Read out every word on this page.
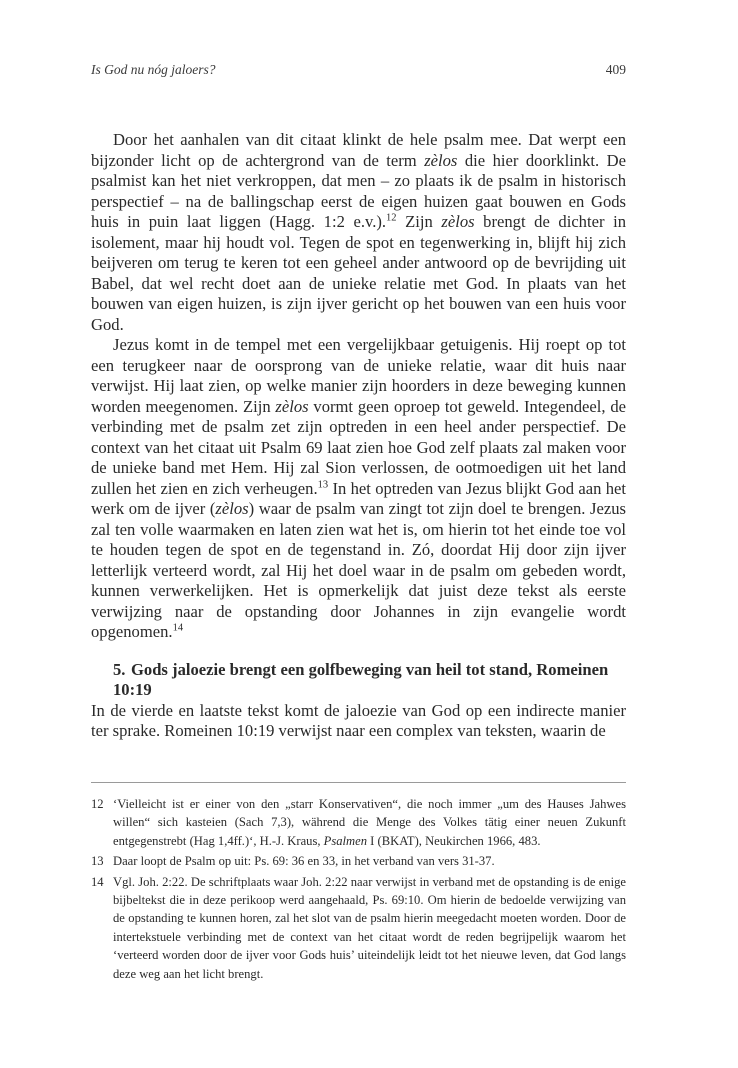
Is God nu nóg jaloers?	409

Door het aanhalen van dit citaat klinkt de hele psalm mee. Dat werpt een bijzonder licht op de achtergrond van de term zèlos die hier doorklinkt. De psalmist kan het niet verkroppen, dat men – zo plaats ik de psalm in historisch perspectief – na de ballingschap eerst de eigen huizen gaat bouwen en Gods huis in puin laat liggen (Hagg. 1:2 e.v.).$^{12}$ Zijn zèlos brengt de dichter in isolement, maar hij houdt vol. Tegen de spot en tegenwerking in, blijft hij zich beijveren om terug te keren tot een geheel ander antwoord op de bevrijding uit Babel, dat wel recht doet aan de unieke relatie met God. In plaats van het bouwen van eigen huizen, is zijn ijver gericht op het bouwen van een huis voor God.

Jezus komt in de tempel met een vergelijkbaar getuigenis. Hij roept op tot een terugkeer naar de oorsprong van de unieke relatie, waar dit huis naar verwijst. Hij laat zien, op welke manier zijn hoorders in deze beweging kunnen worden meegenomen. Zijn zèlos vormt geen oproep tot geweld. Integendeel, de verbinding met de psalm zet zijn optreden in een heel ander perspectief. De context van het citaat uit Psalm 69 laat zien hoe God zelf plaats zal maken voor de unieke band met Hem. Hij zal Sion verlossen, de ootmoedigen uit het land zullen het zien en zich verheugen.$^{13}$ In het optreden van Jezus blijkt God aan het werk om de ijver (zèlos) waar de psalm van zingt tot zijn doel te brengen. Jezus zal ten volle waarmaken en laten zien wat het is, om hierin tot het einde toe vol te houden tegen de spot en de tegenstand in. Zó, doordat Hij door zijn ijver letterlijk verteerd wordt, zal Hij het doel waar in de psalm om gebeden wordt, kunnen verwerkelijken. Het is opmerkelijk dat juist deze tekst als eerste verwijzing naar de opstanding door Johannes in zijn evangelie wordt opgenomen.$^{14}$

5. Gods jaloezie brengt een golfbeweging van heil tot stand, Romeinen 10:19

In de vierde en laatste tekst komt de jaloezie van God op een indirecte manier ter sprake. Romeinen 10:19 verwijst naar een complex van teksten, waarin de

12 ‘Vielleicht ist er einer von den „starr Konservativen“, die noch immer „um des Hauses Jahwes willen“ sich kasteien (Sach 7,3), während die Menge des Volkes tätig einer neuen Zukunft entgegenstrebt (Hag 1,4ff.)‘, H.-J. Kraus, Psalmen I (BKAT), Neukirchen 1966, 483.
13 Daar loopt de Psalm op uit: Ps. 69: 36 en 33, in het verband van vers 31-37.
14 Vgl. Joh. 2:22. De schriftplaats waar Joh. 2:22 naar verwijst in verband met de opstanding is de enige bijbeltekst die in deze perikoop werd aangehaald, Ps. 69:10. Om hierin de bedoelde verwijzing van de opstanding te kunnen horen, zal het slot van de psalm hierin meegedacht moeten worden. Door de intertekstuele verbinding met de context van het citaat wordt de reden begrijpelijk waarom het ‘verteerd worden door de ijver voor Gods huis’ uiteindelijk leidt tot het nieuwe leven, dat God langs deze weg aan het licht brengt.
